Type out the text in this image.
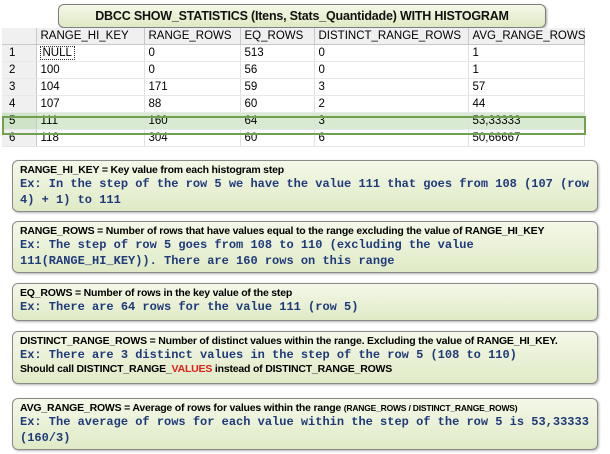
DBCC SHOW_STATISTICS (Itens, Stats_Quantidade) WITH HISTOGRAM
	RANGE_HI_KEY	RANGE_ROWS	EQ_ROWS	DISTINCT_RANGE_ROWS	AVG_RANGE_ROWS
1	NULL	0	513	0	1
2	100	0	56	0	1
3	104	171	59	3	57
4	107	88	60	2	44
5	111	160	64	3	53,33333
6	118	304	60	6	50,66667
RANGE_HI_KEY = Key value from each histogram step
Ex: In the step of the row 5 we have the value 111 that goes from 108 (107 (row 4) + 1) to 111
RANGE_ROWS = Number of rows that have values equal to the range excluding the value of RANGE_HI_KEY
Ex: The step of row 5 goes from 108 to 110 (excluding the value 111(RANGE_HI_KEY)). There are 160 rows on this range
EQ_ROWS = Number of rows in the key value of the step
Ex: There are 64 rows for the value 111 (row 5)
DISTINCT_RANGE_ROWS = Number of distinct values within the range. Excluding the value of RANGE_HI_KEY.
Ex: There are 3 distinct values in the step of the row 5 (108 to 110)
Should call DISTINCT_RANGE_VALUES instead of DISTINCT_RANGE_ROWS
AVG_RANGE_ROWS = Average of rows for values within the range (RANGE_ROWS / DISTINCT_RANGE_ROWS)
Ex: The average of rows for each value within the step of the row 5 is 53,33333 (160/3)
